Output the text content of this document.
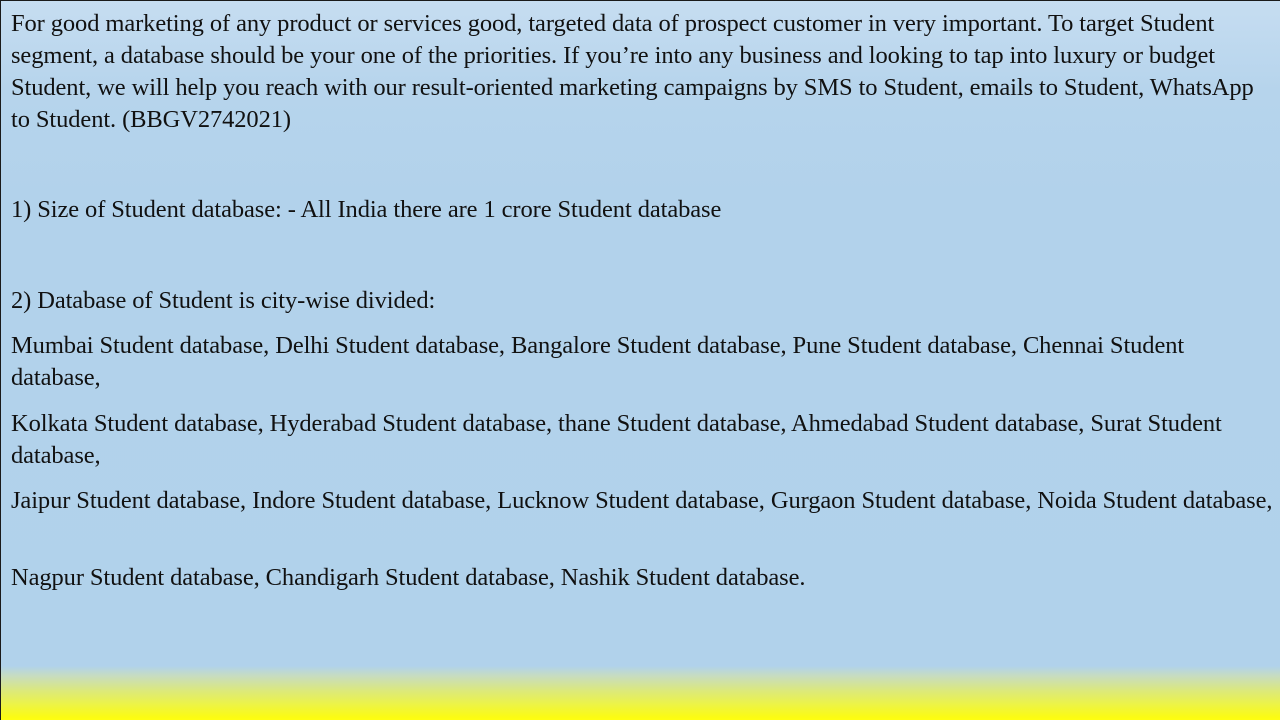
For good marketing of any product or services good, targeted data of prospect customer in very important. To target Student segment, a database should be your one of the priorities. If you’re into any business and looking to tap into luxury or budget Student, we will help you reach with our result-oriented marketing campaigns by SMS to Student, emails to Student, WhatsApp to Student. (BBGV2742021)

1) Size of Student database: - All India there are 1 crore Student database

2) Database of Student is city-wise divided:

Mumbai Student database, Delhi Student database, Bangalore Student database, Pune Student database, Chennai Student database,

Kolkata Student database, Hyderabad Student database, thane Student database, Ahmedabad Student database, Surat Student database,

Jaipur Student database, Indore Student database, Lucknow Student database, Gurgaon Student database, Noida Student database,

Nagpur Student database, Chandigarh Student database, Nashik Student database.
